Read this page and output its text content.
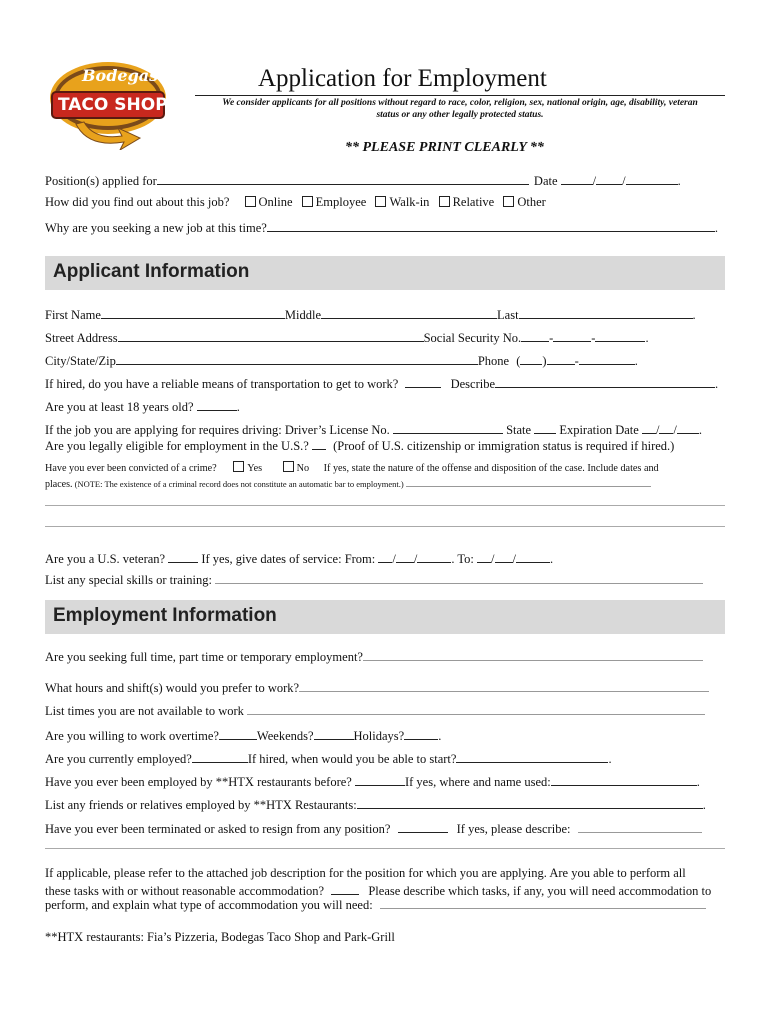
Bodegas
TACO SHOP
Application for Employment
We consider applicants for all positions without regard to race, color, religion, sex, national origin, age, disability, veteran
status or any other legally protected status.
** PLEASE PRINT CLEARLY **
Position(s) applied for	Date	/ /	.
How did you find out about this job? Online Employee Walk-in Relative Other
Why are you seeking a new job at this time?	.
Applicant Information
First Name	Middle	Last	.
Street Address	Social Security No. -	-	.
City/State/Zip	Phone ( ) -	.
If hired, do you have a reliable means of transportation to get to work?	Describe	.
Are you at least 18 years old?	.
If the job you are applying for requires driving: Driver’s License No.	State Expiration Date / / .
Are you legally eligible for employment in the U.S.? (Proof of U.S. citizenship or immigration status is required if hired.)
Have you ever been convicted of a crime?	Yes	No If yes, state the nature of the offense and disposition of the case. Include dates and
places. (NOTE: The existence of a criminal record does not constitute an automatic bar to employment.)
Are you a U.S. veteran?	If yes, give dates of service: From: / /	. To: / /	.
List any special skills or training:
Employment Information
Are you seeking full time, part time or temporary employment?
What hours and shift(s) would you prefer to work?
List times you are not available to work
Are you willing to work overtime?	Weekends?	Holidays?	.
Are you currently employed?	If hired, when would you be able to start?	.
Have you ever been employed by **HTX restaurants before?	If yes, where and name used:	.
List any friends or relatives employed by **HTX Restaurants:	.
Have you ever been terminated or asked to resign from any position?	If yes, please describe:
If applicable, please refer to the attached job description for the position for which you are applying. Are you able to perform all
these tasks with or without reasonable accommodation?	Please describe which tasks, if any, you will need accommodation to
perform, and explain what type of accommodation you will need:
**HTX restaurants: Fia’s Pizzeria, Bodegas Taco Shop and Park-Grill
